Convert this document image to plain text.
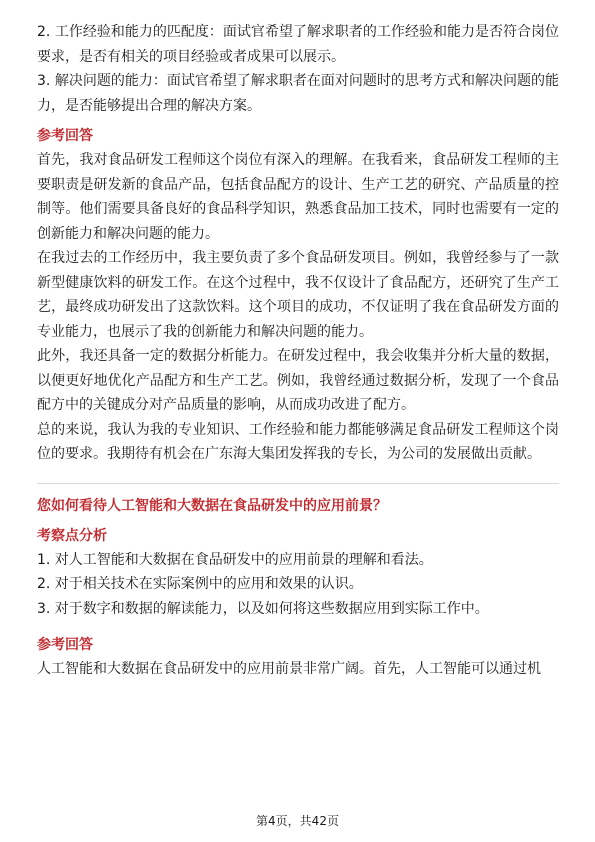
2. 工作经验和能力的匹配度：面试官希望了解求职者的工作经验和能力是否符合岗位要求，是否有相关的项目经验或者成果可以展示。

3. 解决问题的能力：面试官希望了解求职者在面对问题时的思考方式和解决问题的能力，是否能够提出合理的解决方案。

参考回答

首先，我对食品研发工程师这个岗位有深入的理解。在我看来，食品研发工程师的主要职责是研发新的食品产品，包括食品配方的设计、生产工艺的研究、产品质量的控制等。他们需要具备良好的食品科学知识，熟悉食品加工技术，同时也需要有一定的创新能力和解决问题的能力。

在我过去的工作经历中，我主要负责了多个食品研发项目。例如，我曾经参与了一款新型健康饮料的研发工作。在这个过程中，我不仅设计了食品配方，还研究了生产工艺，最终成功研发出了这款饮料。这个项目的成功，不仅证明了我在食品研发方面的专业能力，也展示了我的创新能力和解决问题的能力。

此外，我还具备一定的数据分析能力。在研发过程中，我会收集并分析大量的数据，以便更好地优化产品配方和生产工艺。例如，我曾经通过数据分析，发现了一个食品配方中的关键成分对产品质量的影响，从而成功改进了配方。

总的来说，我认为我的专业知识、工作经验和能力都能够满足食品研发工程师这个岗位的要求。我期待有机会在广东海大集团发挥我的专长，为公司的发展做出贡献。

您如何看待人工智能和大数据在食品研发中的应用前景？

考察点分析

1. 对人工智能和大数据在食品研发中的应用前景的理解和看法。

2. 对于相关技术在实际案例中的应用和效果的认识。

3. 对于数字和数据的解读能力，以及如何将这些数据应用到实际工作中。

参考回答

人工智能和大数据在食品研发中的应用前景非常广阔。首先，人工智能可以通过机

第4页，共42页
